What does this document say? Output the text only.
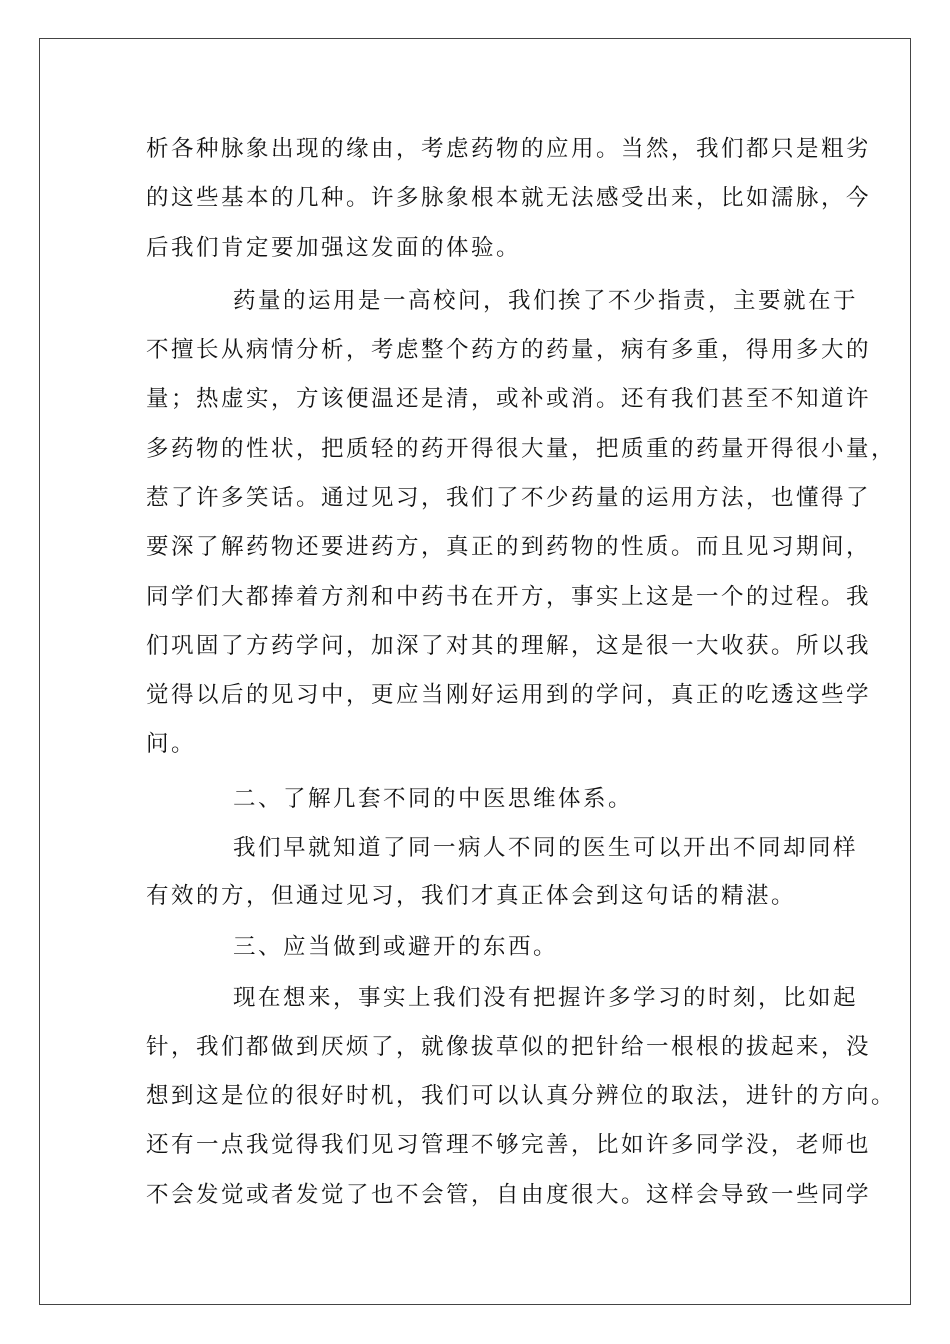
析各种脉象出现的缘由，考虑药物的应用。当然，我们都只是粗劣
的这些基本的几种。许多脉象根本就无法感受出来，比如濡脉，今
后我们肯定要加强这发面的体验。
药量的运用是一高校问，我们挨了不少指责，主要就在于
不擅长从病情分析，考虑整个药方的药量，病有多重，得用多大的
量；热虚实，方该便温还是清，或补或消。还有我们甚至不知道许
多药物的性状，把质轻的药开得很大量，把质重的药量开得很小量，
惹了许多笑话。通过见习，我们了不少药量的运用方法，也懂得了
要深了解药物还要进药方，真正的到药物的性质。而且见习期间，
同学们大都捧着方剂和中药书在开方，事实上这是一个的过程。我
们巩固了方药学问，加深了对其的理解，这是很一大收获。所以我
觉得以后的见习中，更应当刚好运用到的学问，真正的吃透这些学
问。
二、了解几套不同的中医思维体系。
我们早就知道了同一病人不同的医生可以开出不同却同样
有效的方，但通过见习，我们才真正体会到这句话的精湛。
三、应当做到或避开的东西。
现在想来，事实上我们没有把握许多学习的时刻，比如起
针，我们都做到厌烦了，就像拔草似的把针给一根根的拔起来，没
想到这是位的很好时机，我们可以认真分辨位的取法，进针的方向。
还有一点我觉得我们见习管理不够完善，比如许多同学没，老师也
不会发觉或者发觉了也不会管，自由度很大。这样会导致一些同学
